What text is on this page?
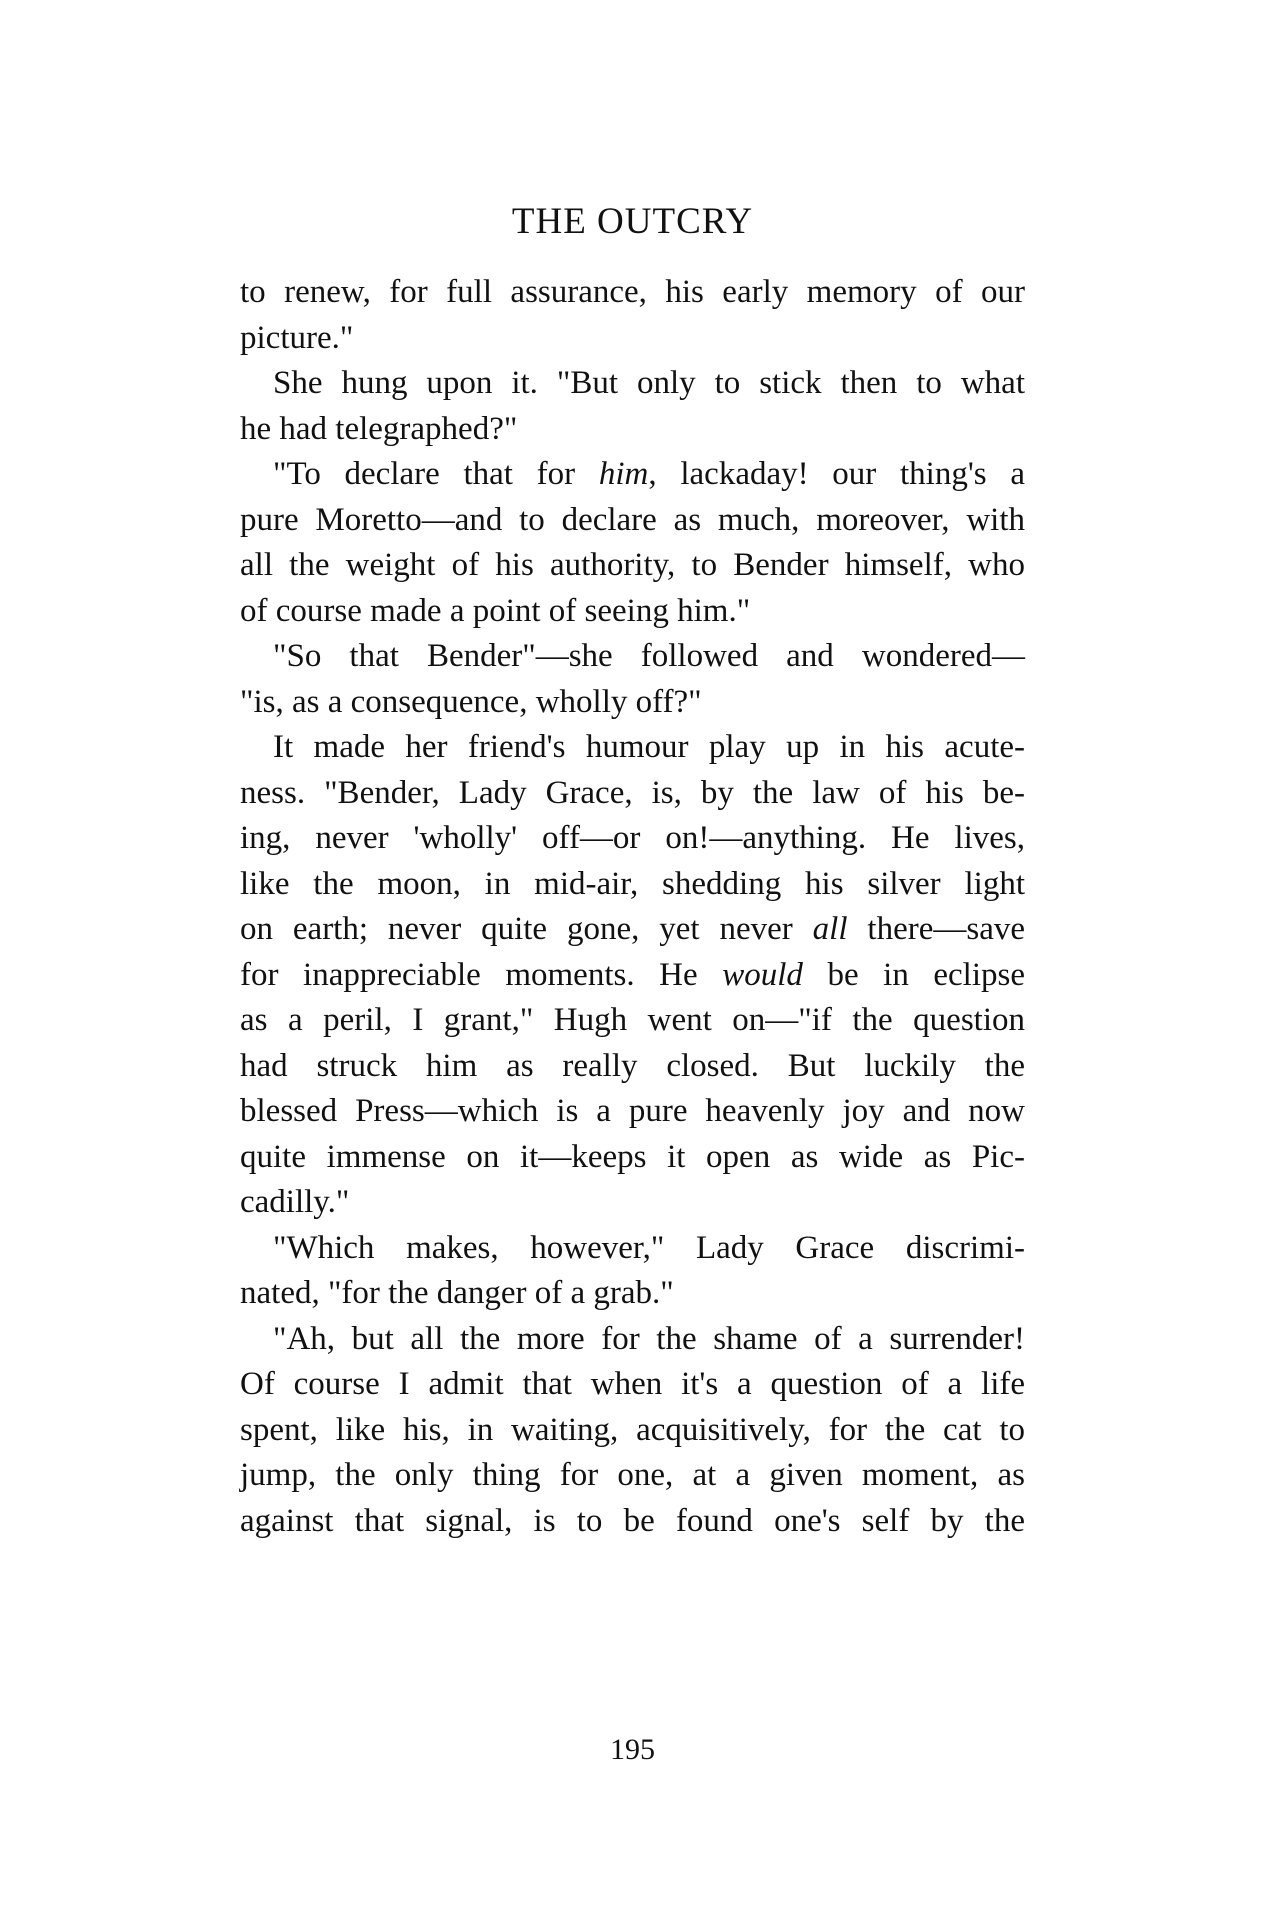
THE OUTCRY

to renew, for full assurance, his early memory of our
picture."

She hung upon it. "But only to stick then to what
he had telegraphed?"

"To declare that for him, lackaday! our thing's a
pure Moretto—and to declare as much, moreover, with
all the weight of his authority, to Bender himself, who
of course made a point of seeing him."

"So that Bender"—she followed and wondered—
"is, as a consequence, wholly off?"

It made her friend's humour play up in his acute-
ness. "Bender, Lady Grace, is, by the law of his be-
ing, never 'wholly' off—or on!—anything. He lives,
like the moon, in mid-air, shedding his silver light
on earth; never quite gone, yet never all there—save
for inappreciable moments. He would be in eclipse
as a peril, I grant," Hugh went on—"if the question
had struck him as really closed. But luckily the
blessed Press—which is a pure heavenly joy and now
quite immense on it—keeps it open as wide as Pic-
cadilly."

"Which makes, however," Lady Grace discrimi-
nated, "for the danger of a grab."

"Ah, but all the more for the shame of a surrender!
Of course I admit that when it's a question of a life
spent, like his, in waiting, acquisitively, for the cat to
jump, the only thing for one, at a given moment, as
against that signal, is to be found one's self by the

195
